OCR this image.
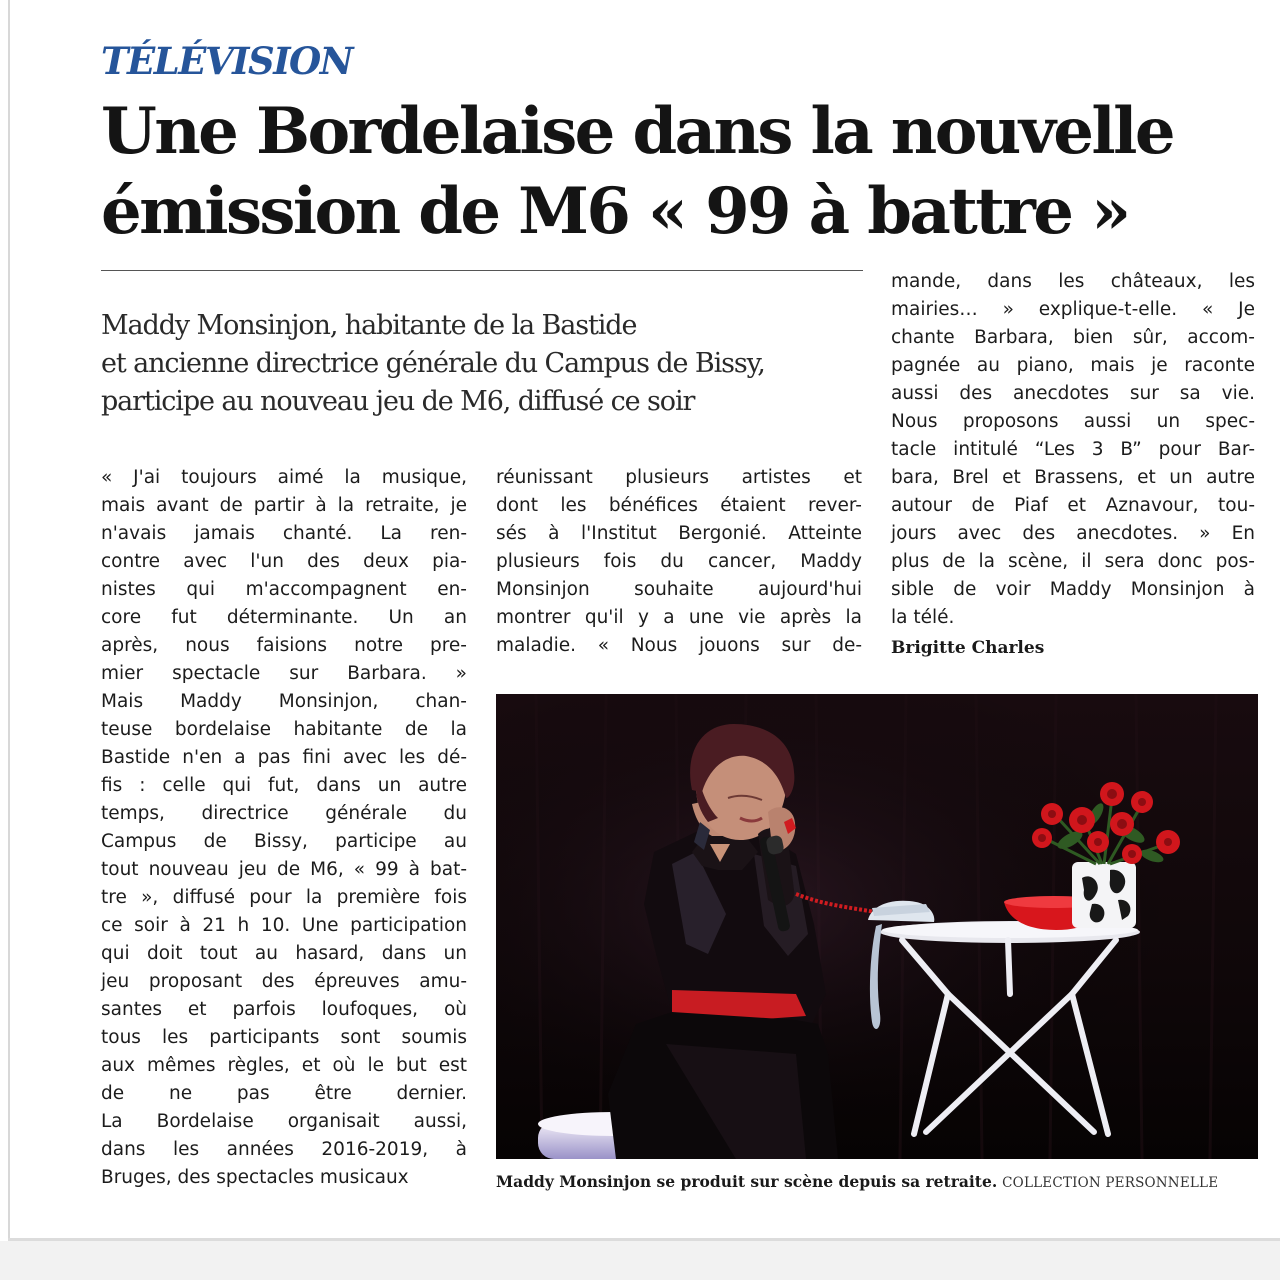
TÉLÉVISION

Une Bordelaise dans la nouvelle
émission de M6 « 99 à battre »
Maddy Monsinjon, habitante de la Bastide
et ancienne directrice générale du Campus de Bissy,
participe au nouveau jeu de M6, diffusé ce soir
« J'ai toujours aimé la musique,
mais avant de partir à la retraite, je
n'avais jamais chanté. La ren-
contre avec l'un des deux pia-
nistes qui m'accompagnent en-
core fut déterminante. Un an
après, nous faisions notre pre-
mier spectacle sur Barbara. »
Mais Maddy Monsinjon, chan-
teuse bordelaise habitante de la
Bastide n'en a pas fini avec les dé-
fis : celle qui fut, dans un autre
temps, directrice générale du
Campus de Bissy, participe au
tout nouveau jeu de M6, « 99 à bat-
tre », diffusé pour la première fois
ce soir à 21 h 10. Une participation
qui doit tout au hasard, dans un
jeu proposant des épreuves amu-
santes et parfois loufoques, où
tous les participants sont soumis
aux mêmes règles, et où le but est
de ne pas être dernier.
La Bordelaise organisait aussi,
dans les années 2016-2019, à
Bruges, des spectacles musicaux
réunissant plusieurs artistes et
dont les bénéfices étaient rever-
sés à l'Institut Bergonié. Atteinte
plusieurs fois du cancer, Maddy
Monsinjon souhaite aujourd'hui
montrer qu'il y a une vie après la
maladie. « Nous jouons sur de-
mande, dans les châteaux, les
mairies… » explique-t-elle. « Je
chante Barbara, bien sûr, accom-
pagnée au piano, mais je raconte
aussi des anecdotes sur sa vie.
Nous proposons aussi un spec-
tacle intitulé “Les 3 B” pour Bar-
bara, Brel et Brassens, et un autre
autour de Piaf et Aznavour, tou-
jours avec des anecdotes. » En
plus de la scène, il sera donc pos-
sible de voir Maddy Monsinjon à
la télé.
Brigitte Charles

Maddy Monsinjon se produit sur scène depuis sa retraite. COLLECTION PERSONNELLE
